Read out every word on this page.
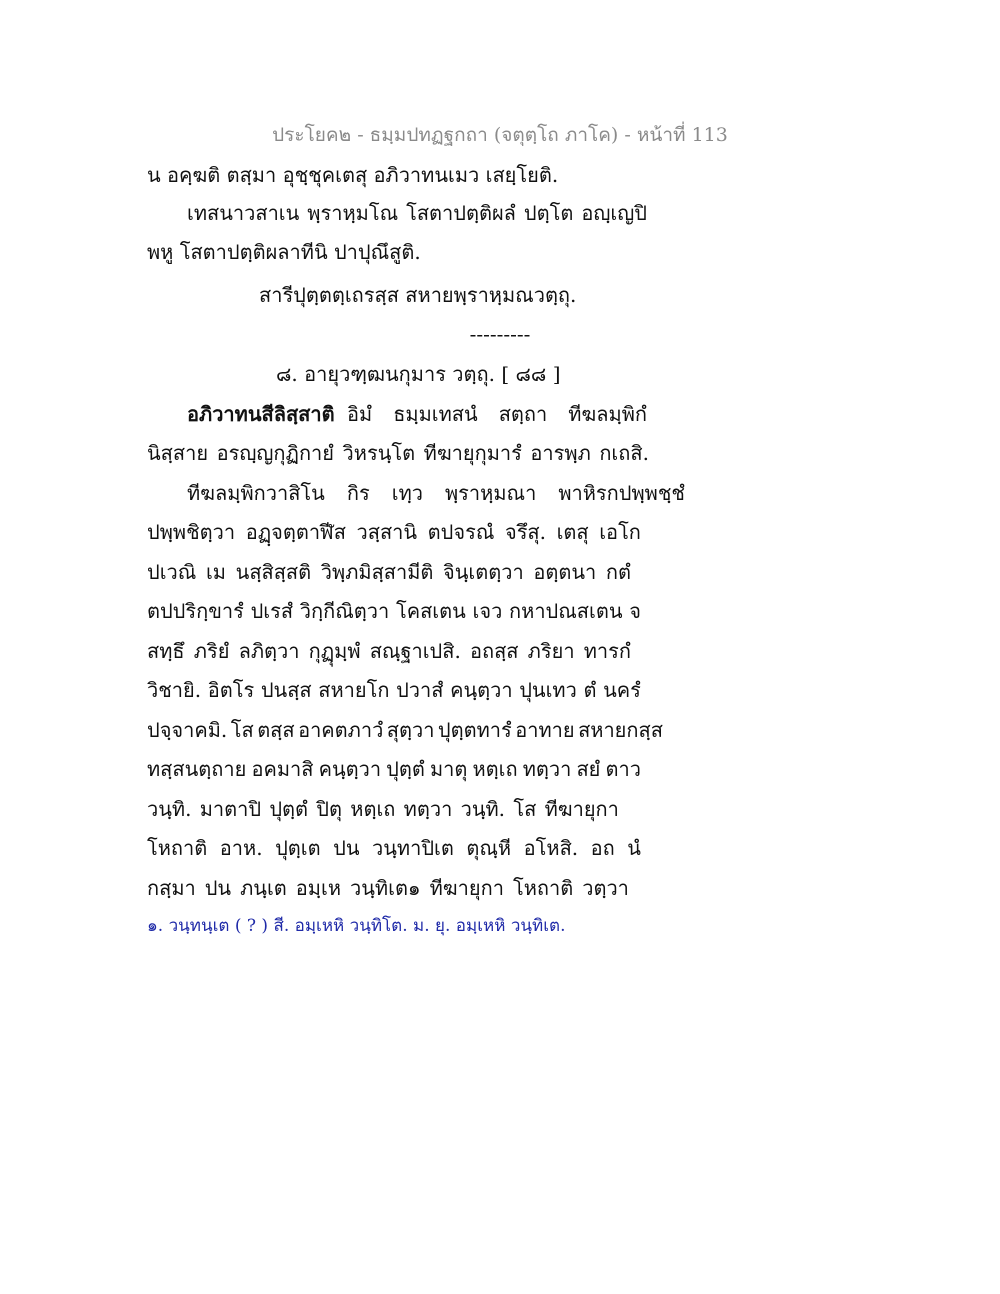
ประโยค๒ - ธมฺมปทฏฐกถา (จตุตฺโถ ภาโค) - หน้าที่ 113
น อคฺฆติ ตสฺมา อุชฺชุคเตสุ อภิวาทนเมว เสยฺโยติ.
เทสนาวสาเน พฺราหฺมโณ โสตาปตฺติผลํ ปตฺโต อญฺเญปิ
พหู โสตาปตฺติผลาทีนิ ปาปุณึสูติ.
สารีปุตฺตตฺเถรสฺส สหายพฺราหฺมณวตฺถุ.
---------
๘. อายุวฑฺฒนกุมาร วตฺถุ. [ ๘๘ ]
อภิวาทนสีลิสฺสาติ อิมํ ธมฺมเทสนํ สตฺถา ทีฆลมฺพิกํ
นิสฺสาย อรญฺญกุฏิกายํ วิหรนฺโต ทีฆายุกุมารํ อารพฺภ กเถสิ.
ทีฆลมฺพิกวาสิโน กิร เทฺว พฺราหฺมณา พาหิรกปพฺพชฺชํ
ปพฺพชิตฺวา อฏฺจตฺตาฬีส วสฺสานิ ตปจรณํ จรึสุ. เตสุ เอโก
ปเวณิ เม นสฺสิสฺสติ วิพฺภมิสฺสามีติ จินฺเตตฺวา อตฺตนา กตํ
ตปปริกฺขารํ ปเรสํ วิกฺกีณิตฺวา โคสเตน เจว กหาปณสเตน จ
สทฺธึ ภริยํ ลภิตฺวา กุฏุมฺพํ สณฺฐาเปสิ. อถสฺส ภริยา ทารกํ
วิชายิ. อิตโร ปนสฺส สหายโก ปวาสํ คนฺตฺวา ปุนเทว ตํ นครํ
ปจฺจาคมิ. โส ตสฺส อาคตภาวํ สุตฺวา ปุตฺตทารํ อาทาย สหายกสฺส
ทสฺสนตฺถาย อคมาสิ คนฺตฺวา ปุตฺตํ มาตุ หตฺเถ ทตฺวา สยํ ตาว
วนฺทิ. มาตาปิ ปุตฺตํ ปิตุ หตฺเถ ทตฺวา วนฺทิ. โส ทีฆายุกา
โหถาติ อาห. ปุตฺเต ปน วนฺทาปิเต ตุณฺหี อโหสิ. อถ นํ
กสฺมา ปน ภนฺเต อมฺเห วนฺทิเต๑ ทีฆายุกา โหถาติ วตฺวา
๑. วนฺทนฺเต ( ? ) สี. อมฺเหหิ วนฺทิโต. ม. ยุ. อมฺเหหิ วนฺทิเต.
